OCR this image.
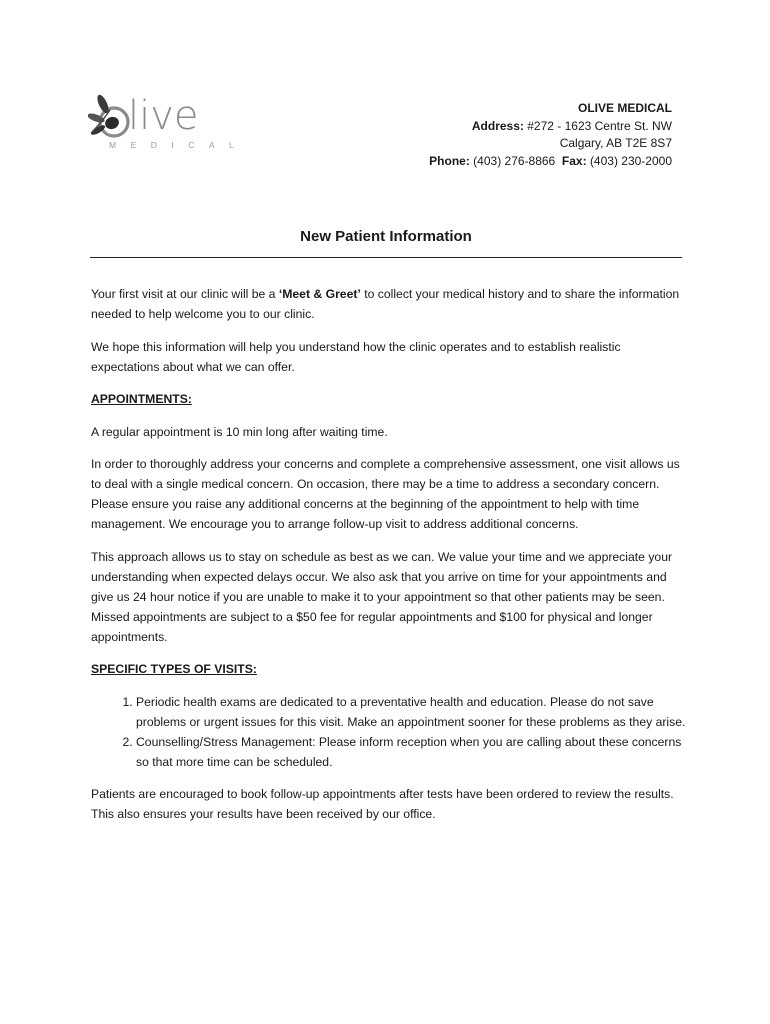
live
MEDICAL
OLIVE MEDICAL
Address: #272 - 1623 Centre St. NW
Calgary, AB T2E 8S7
Phone: (403) 276-8866 Fax: (403) 230-2000
New Patient Information

Your first visit at our clinic will be a ‘Meet & Greet’ to collect your medical history and to share the information needed to help welcome you to our clinic.

We hope this information will help you understand how the clinic operates and to establish realistic expectations about what we can offer.

APPOINTMENTS:

A regular appointment is 10 min long after waiting time.

In order to thoroughly address your concerns and complete a comprehensive assessment, one visit allows us to deal with a single medical concern. On occasion, there may be a time to address a secondary concern. Please ensure you raise any additional concerns at the beginning of the appointment to help with time management. We encourage you to arrange follow-up visit to address additional concerns.

This approach allows us to stay on schedule as best as we can. We value your time and we appreciate your understanding when expected delays occur. We also ask that you arrive on time for your appointments and give us 24 hour notice if you are unable to make it to your appointment so that other patients may be seen. Missed appointments are subject to a $50 fee for regular appointments and $100 for physical and longer appointments.

SPECIFIC TYPES OF VISITS:

1. Periodic health exams are dedicated to a preventative health and education. Please do not save problems or urgent issues for this visit. Make an appointment sooner for these problems as they arise.
2. Counselling/Stress Management: Please inform reception when you are calling about these concerns so that more time can be scheduled.

Patients are encouraged to book follow-up appointments after tests have been ordered to review the results. This also ensures your results have been received by our office.
